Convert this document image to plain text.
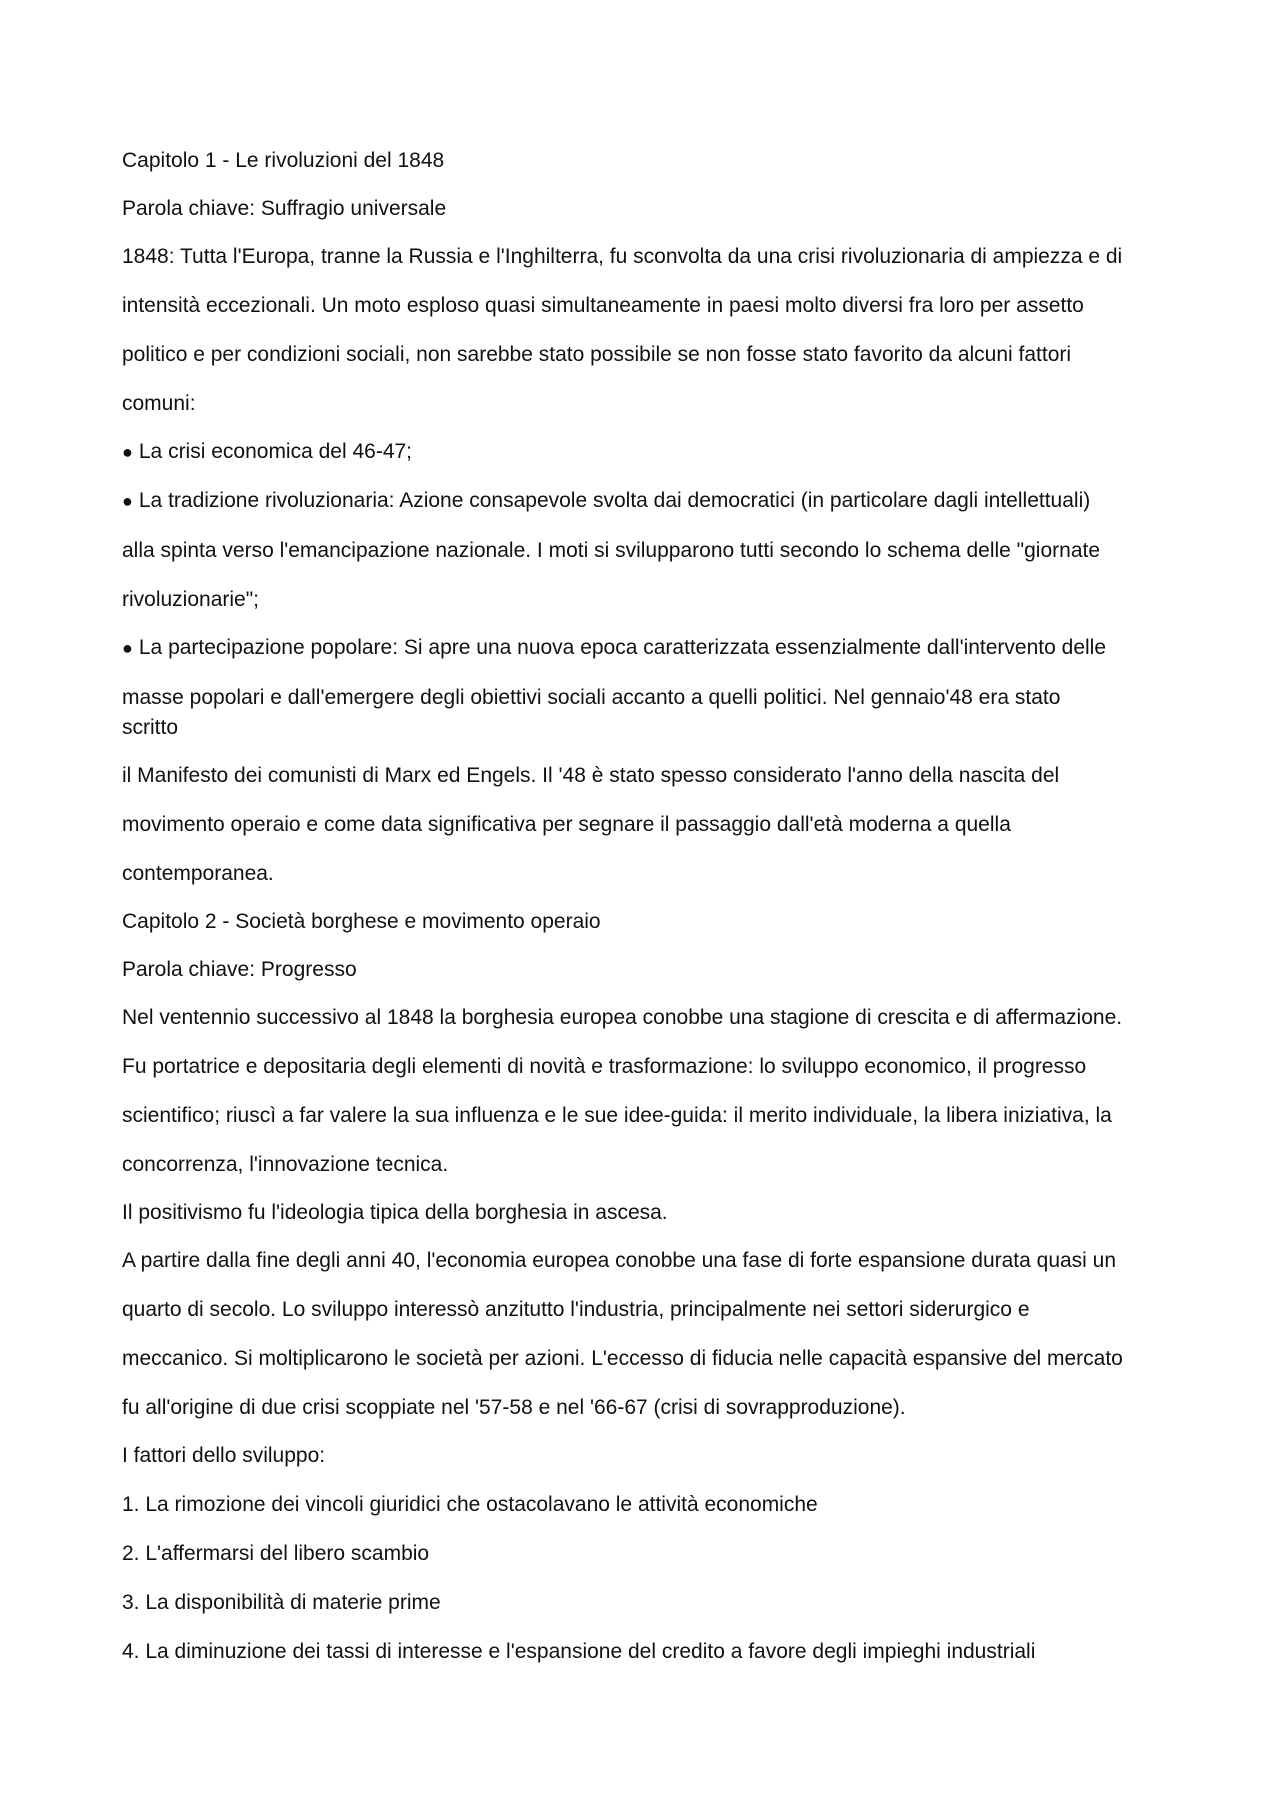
Capitolo 1 - Le rivoluzioni del 1848

Parola chiave: Suffragio universale

1848: Tutta l'Europa, tranne la Russia e l'Inghilterra, fu sconvolta da una crisi rivoluzionaria di ampiezza e di

intensità eccezionali. Un moto esploso quasi simultaneamente in paesi molto diversi fra loro per assetto

politico e per condizioni sociali, non sarebbe stato possibile se non fosse stato favorito da alcuni fattori

comuni:

● La crisi economica del 46-47;

● La tradizione rivoluzionaria: Azione consapevole svolta dai democratici (in particolare dagli intellettuali)

alla spinta verso l'emancipazione nazionale. I moti si svilupparono tutti secondo lo schema delle "giornate

rivoluzionarie";

● La partecipazione popolare: Si apre una nuova epoca caratterizzata essenzialmente dall'intervento delle

masse popolari e dall'emergere degli obiettivi sociali accanto a quelli politici. Nel gennaio'48 era stato

scritto

il Manifesto dei comunisti di Marx ed Engels. Il '48 è stato spesso considerato l'anno della nascita del

movimento operaio e come data significativa per segnare il passaggio dall'età moderna a quella

contemporanea.

Capitolo 2 - Società borghese e movimento operaio

Parola chiave: Progresso

Nel ventennio successivo al 1848 la borghesia europea conobbe una stagione di crescita e di affermazione.

Fu portatrice e depositaria degli elementi di novità e trasformazione: lo sviluppo economico, il progresso

scientifico; riuscì a far valere la sua influenza e le sue idee-guida: il merito individuale, la libera iniziativa, la

concorrenza, l'innovazione tecnica.

Il positivismo fu l'ideologia tipica della borghesia in ascesa.

A partire dalla fine degli anni 40, l'economia europea conobbe una fase di forte espansione durata quasi un

quarto di secolo. Lo sviluppo interessò anzitutto l'industria, principalmente nei settori siderurgico e

meccanico. Si moltiplicarono le società per azioni. L'eccesso di fiducia nelle capacità espansive del mercato

fu all'origine di due crisi scoppiate nel '57-58 e nel '66-67 (crisi di sovrapproduzione).

I fattori dello sviluppo:

1. La rimozione dei vincoli giuridici che ostacolavano le attività economiche

2. L'affermarsi del libero scambio

3. La disponibilità di materie prime

4. La diminuzione dei tassi di interesse e l'espansione del credito a favore degli impieghi industriali
